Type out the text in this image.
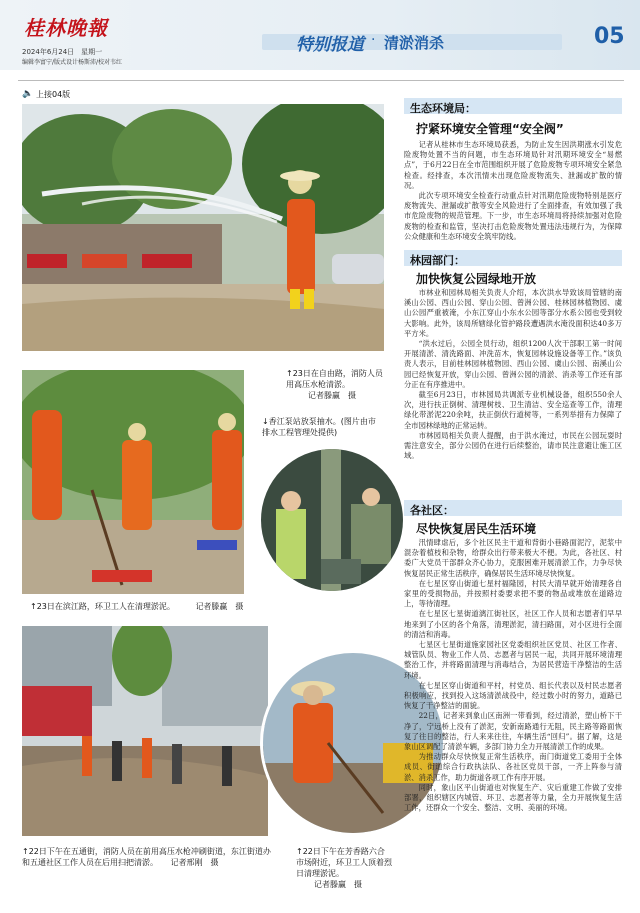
桂林晚報
2024年6月24日　星期一
编辑李富宁/版式设计杨斯沛/校对韦红
特别报道 · 清淤消杀	05
🔈 上接04版
↑23日在自由路，消防人员用高压水枪清淤。
记者滕赢　摄
↓香江泵站放泵抽水。(图片由市排水工程管理处提供)
↑23日在滨江路，环卫工人在清理淤泥。	记者滕赢　摄
↑22日下午在五通街，消防人员在前用高压水枪冲刷街道，东江街道办和五通社区工作人员在后用扫把清淤。 记者邢刚　摄
↑22日下午在芳香路六合市场附近，环卫工人顶着烈日清理淤泥。
记者滕赢　摄
生态环境局：
拧紧环境安全管理“安全阀”

记者从桂林市生态环境局获悉，为防止发生因洪期涨水引发危险废物处置不当的问题，市生态环境局针对汛期环境安全“易燃点”，于6月22日在全市范围组织开展了危险废物专项环境安全紧急检查。经排查，本次汛情未出现危险废物流失、泄漏或扩散的情况。

此次专项环境安全检查行动重点针对汛期危险废物特别是医疗废物流失、泄漏或扩散等安全风险进行了全面排查，有效加强了我市危险废物的规范管理。下一步，市生态环境局将持续加强对危险废物的检查和监管，坚决打击危险废物处置违法违规行为，为保障公众健康和生态环境安全筑牢防线。

林园部门：
加快恢复公园绿地开放

市林业和园林局相关负责人介绍，本次洪水导致该局管辖的南溪山公园、西山公园、穿山公园、曾洲公园、桂林园林植物园、虞山公园严重被淹，小东江穿山小东水公园等部分水系公园也受到较大影响。此外，该局所辖绿化管护路段遭遇洪水淹没面积达40多万平方米。

“洪水过后，公园全员行动，组织1200人次干部职工第一时间开展清淤、清洗路面、冲洗苗木，恢复园林设施设备等工作。”该负责人表示，目前桂林园林植物园、西山公园、虞山公园、南溪山公园已经恢复开放，穿山公园、曾洲公园的清淤、消杀等工作还有部分正在有序推进中。

截至6月23日，市林园局共调派专业机械设备，组织550余人次，进行扶正倒树、清理树枝、卫生清洁、安全巡查等工作，清理绿化带淤泥220余吨，扶正倒伏行道树等，一系列举措有力保障了全市园林绿地的正常运转。

市林园局相关负责人提醒，由于洪水淹过，市民在公园玩耍时需注意安全，部分公园仍在进行后续整治，请市民注意避让施工区域。

各社区：
尽快恢复居民生活环境

汛情肆虐后，多个社区民主干道和背街小巷路面泥泞，泥浆中混杂着植枝和杂物，给群众出行带来极大不便。为此，各社区、村委广大党员干部群众齐心协力，克服困难开展清淤工作，力争尽快恢复居民正常生活秩序，确保居民生活环境尽快恢复。

在七星区穿山街道七星村福隆园，村民大清早就开始清理各自家里的受损物品，并按照村委要求把不要的物品或堆放在道路边上，等待清理。

在七星区七星街道漓江街社区，社区工作人员和志愿者们早早地来到了小区的各个角落，清理淤泥，清扫路面，对小区进行全面的清洁和消毒。

七星区七星街道施家园社区党委组织社区党员、社区工作者、城管队员、物业工作人员、志愿者与居民一起，共同开展环境清理整治工作，并将路面清理与消毒结合，为居民营造干净整洁的生活环境。

在七星区穿山街道和平村，村党员、组长代表以及村民志愿者积极响应，找到投入这场清淤战役中，经过数小时的努力，道路已恢复了干净整洁的面貌。

22日，记者来到象山区南洲一带看到，经过清淤，塑山桥下干净了，宁远桥上没有了淤泥，安新南路通行无阻，民主路等路面恢复了往日的整洁，行人来来往往，车辆生活“回归”。据了解，这是象山区调配了清淤车辆，多部门协力全力开展清淤工作的成果。

为推动群众尽快恢复正常生活秩序，南门街道党工委用于全体成员、街道综合行政执法队、各社区党员干部，一齐上阵参与清淤、消杀工作，助力街道各项工作有序开展。

同时，象山区平山街道也对恢复生产、灾后重建工作做了安排部署，组织辖区内城管、环卫、志愿者等力量，全力开展恢复生活工作，还群众一个安全、整洁、文明、美丽的环境。
